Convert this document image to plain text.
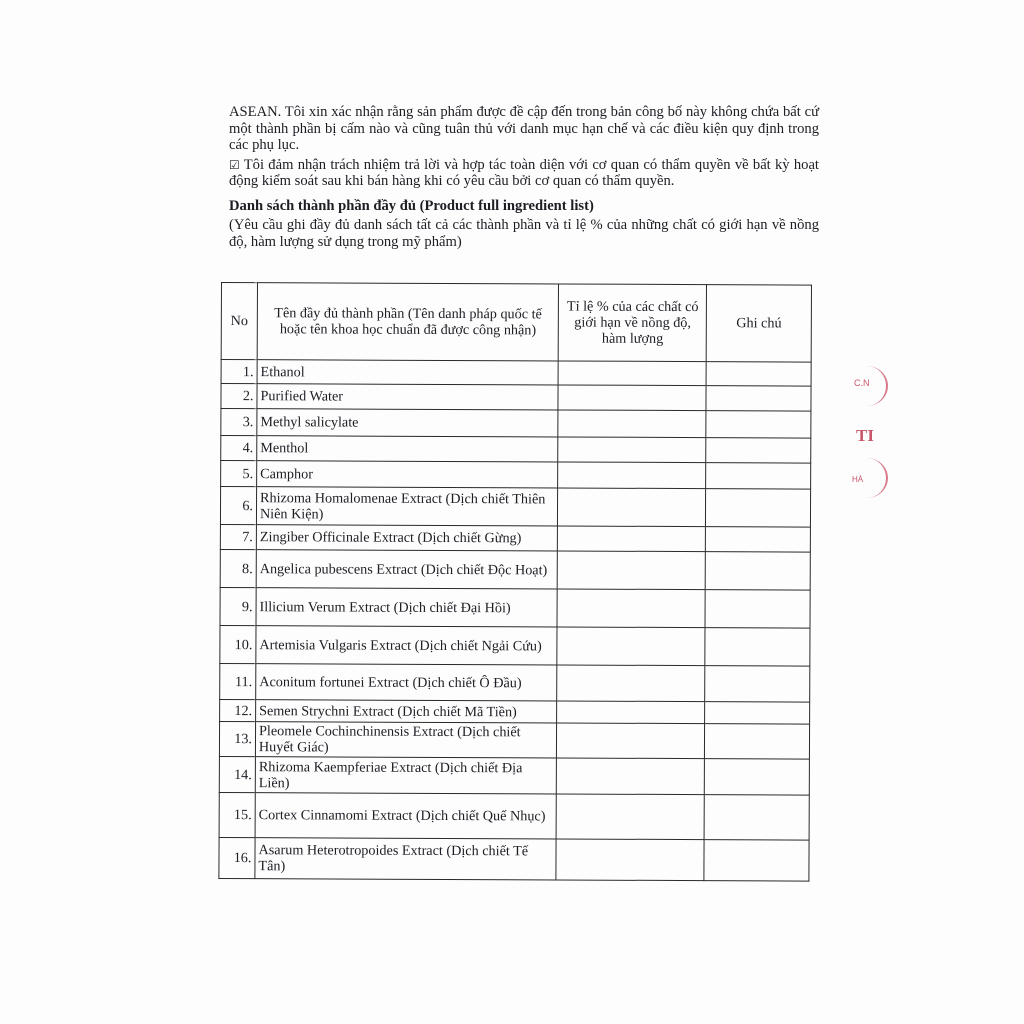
ASEAN. Tôi xin xác nhận rằng sản phẩm được đề cập đến trong bản công bố này không chứa bất cứ một thành phần bị cấm nào và cũng tuân thủ với danh mục hạn chế và các điều kiện quy định trong các phụ lục.

☑ Tôi đảm nhận trách nhiệm trả lời và hợp tác toàn diện với cơ quan có thẩm quyền về bất kỳ hoạt động kiểm soát sau khi bán hàng khi có yêu cầu bởi cơ quan có thẩm quyền.

Danh sách thành phần đầy đủ (Product full ingredient list)

(Yêu cầu ghi đầy đủ danh sách tất cả các thành phần và tỉ lệ % của những chất có giới hạn về nồng độ, hàm lượng sử dụng trong mỹ phẩm)

No	Tên đầy đủ thành phần (Tên danh pháp quốc tế hoặc tên khoa học chuẩn đã được công nhận)	Tỉ lệ % của các chất có giới hạn về nồng độ, hàm lượng	Ghi chú
1.	Ethanol		
2.	Purified Water		
3.	Methyl salicylate		
4.	Menthol		
5.	Camphor		
6.	Rhizoma Homalomenae Extract (Dịch chiết Thiên Niên Kiện)		
7.	Zingiber Officinale Extract (Dịch chiết Gừng)		
8.	Angelica pubescens Extract (Dịch chiết Độc Hoạt)		
9.	Illicium Verum Extract (Dịch chiết Đại Hồi)		
10.	Artemisia Vulgaris Extract (Dịch chiết Ngải Cứu)		
11.	Aconitum fortunei Extract (Dịch chiết Ô Đầu)		
12.	Semen Strychni Extract (Dịch chiết Mã Tiền)		
13.	Pleomele Cochinchinensis Extract (Dịch chiết Huyết Giác)		
14.	Rhizoma Kaempferiae Extract (Dịch chiết Địa Liền)		
15.	Cortex Cinnamomi Extract (Dịch chiết Quế Nhục)		
16.	Asarum Heterotropoides Extract (Dịch chiết Tế Tân)		
C.N
TI
HÀ
